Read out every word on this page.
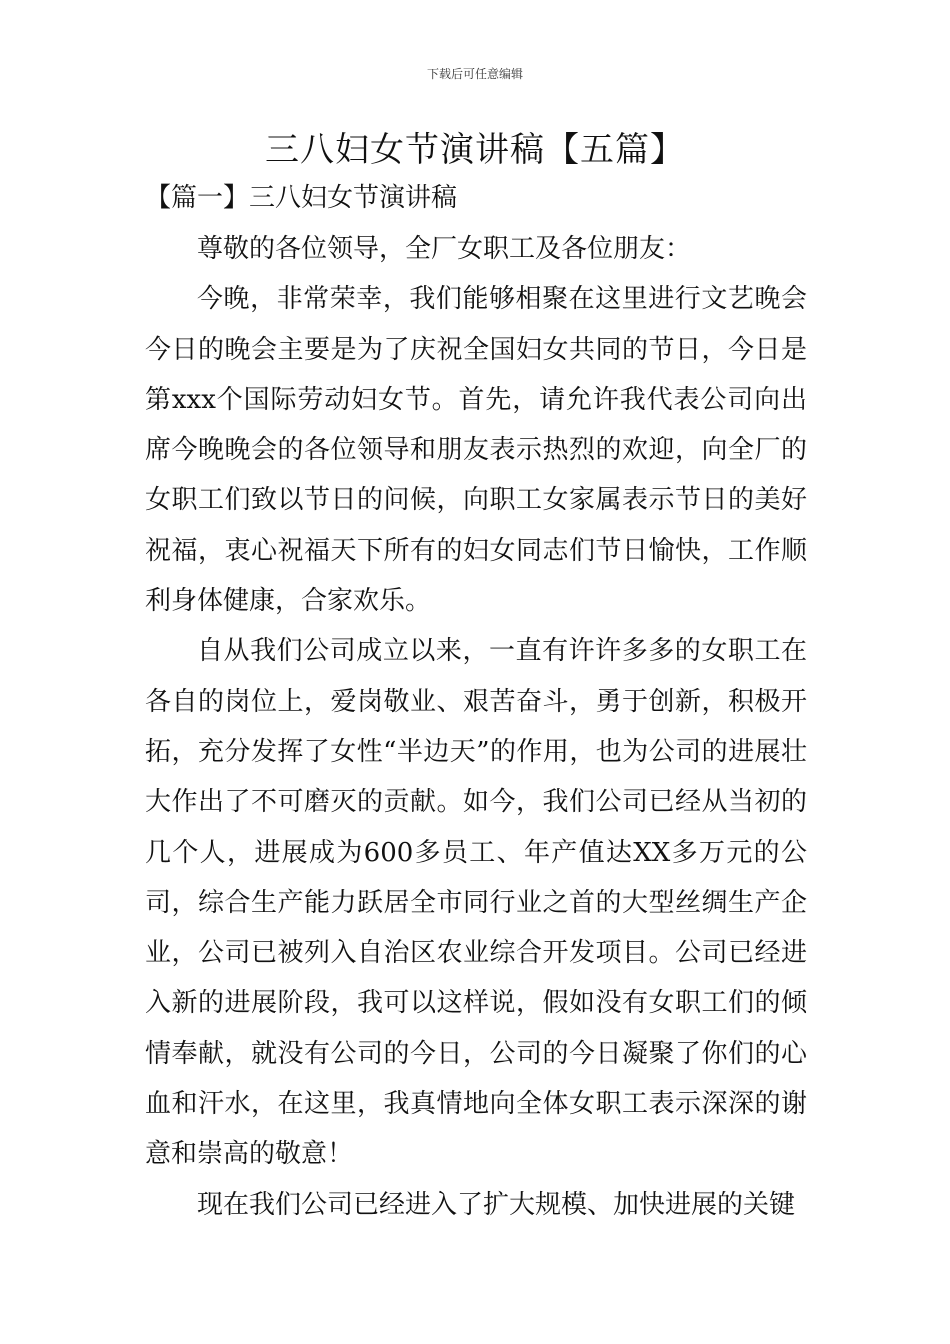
下载后可任意编辑
三八妇女节演讲稿【五篇】
【篇一】三八妇女节演讲稿

尊敬的各位领导，全厂女职工及各位朋友：

今晚，非常荣幸，我们能够相聚在这里进行文艺晚会今日的晚会主要是为了庆祝全国妇女共同的节日，今日是第xxx个国际劳动妇女节。首先，请允许我代表公司向出席今晚晚会的各位领导和朋友表示热烈的欢迎，向全厂的女职工们致以节日的问候，向职工女家属表示节日的美好祝福，衷心祝福天下所有的妇女同志们节日愉快，工作顺利身体健康，合家欢乐。

自从我们公司成立以来，一直有许许多多的女职工在各自的岗位上，爱岗敬业、艰苦奋斗，勇于创新，积极开拓，充分发挥了女性“半边天”的作用，也为公司的进展壮大作出了不可磨灭的贡献。如今，我们公司已经从当初的几个人，进展成为600多员工、年产值达XX多万元的公司，综合生产能力跃居全市同行业之首的大型丝绸生产企业，公司已被列入自治区农业综合开发项目。公司已经进入新的进展阶段，我可以这样说，假如没有女职工们的倾情奉献，就没有公司的今日，公司的今日凝聚了你们的心血和汗水，在这里，我真情地向全体女职工表示深深的谢意和崇高的敬意！

现在我们公司已经进入了扩大规模、加快进展的关键
